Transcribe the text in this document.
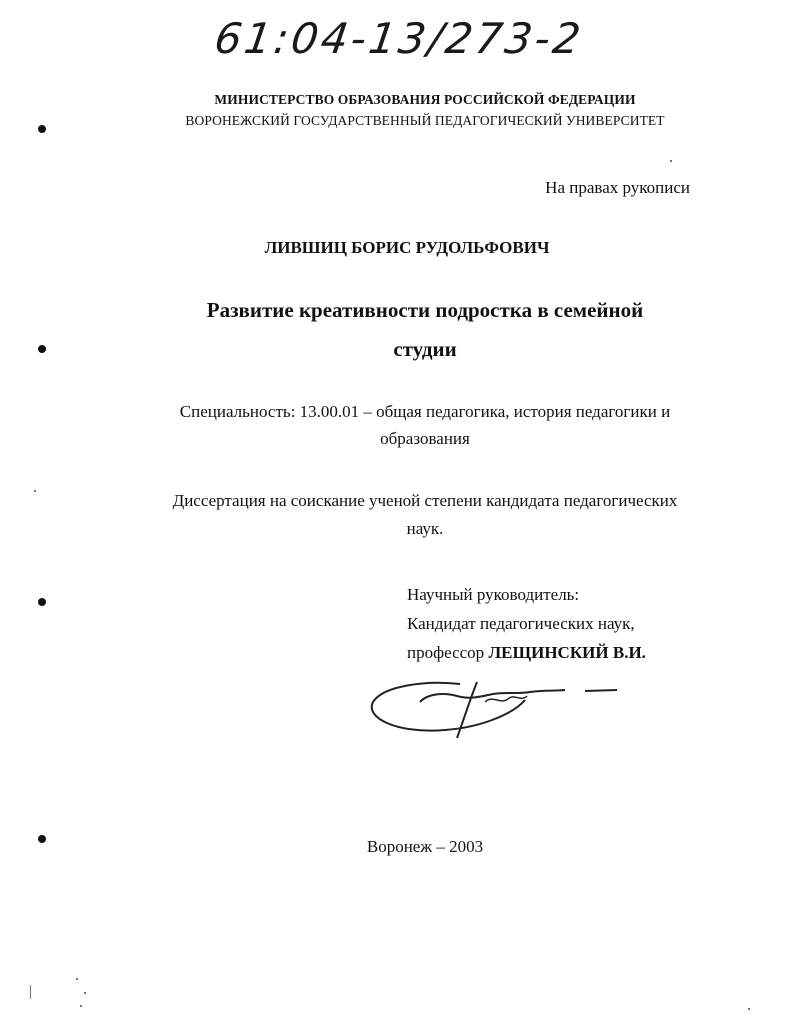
61:04-13/273-2
МИНИСТЕРСТВО ОБРАЗОВАНИЯ РОССИЙСКОЙ ФЕДЕРАЦИИ
ВОРОНЕЖСКИЙ ГОСУДАРСТВЕННЫЙ ПЕДАГОГИЧЕСКИЙ УНИВЕРСИТЕТ
На правах рукописи
ЛИВШИЦ БОРИС РУДОЛЬФОВИЧ
Развитие креативности подростка в семейной
студии
Специальность: 13.00.01 – общая педагогика, история педагогики и
образования
Диссертация на соискание ученой степени кандидата педагогических
наук.
Научный руководитель:
Кандидат педагогических наук,
профессор ЛЕЩИНСКИЙ В.И.
Воронеж – 2003
